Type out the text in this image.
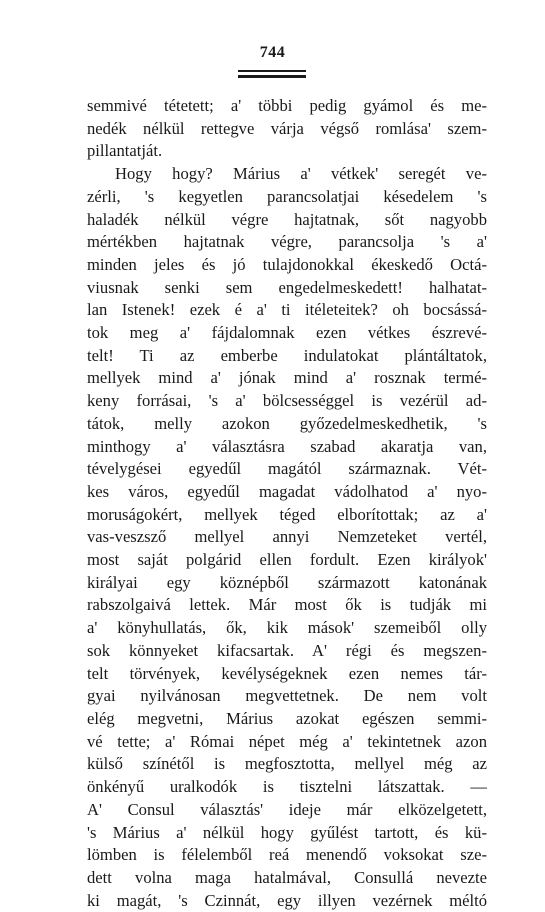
744
semmivé tétetett; a' többi pedig gyámol és me-
nedék nélkül rettegve várja végső romlása' szem-
pillantatját.
Hogy hogy? Márius a' vétkek' seregét ve-
zérli, 's kegyetlen parancsolatjai késedelem 's
haladék nélkül végre hajtatnak, sőt nagyobb
mértékben hajtatnak végre, parancsolja 's a'
minden jeles és jó tulajdonokkal ékeskedő Octá-
viusnak senki sem engedelmeskedett! halhatat-
lan Istenek! ezek é a' ti itéleteitek? oh bocsássá-
tok meg a' fájdalomnak ezen vétkes észrevé-
telt! Ti az emberbe indulatokat plántáltatok,
mellyek mind a' jónak mind a' rosznak termé-
keny forrásai, 's a' bölcsességgel is vezérül ad-
tátok, melly azokon győzedelmeskedhetik, 's
minthogy a' választásra szabad akaratja van,
tévelygései egyedűl magától származnak. Vét-
kes város, egyedűl magadat vádolhatod a' nyo-
moruságokért, mellyek téged elborítottak; az a'
vas-veszsző mellyel annyi Nemzeteket vertél,
most saját polgárid ellen fordult. Ezen királyok'
királyai egy köznépből származott katonának
rabszolgaivá lettek. Már most ők is tudják mi
a' könyhullatás, ők, kik mások' szemeiből olly
sok könnyeket kifacsartak. A' régi és megszen-
telt törvények, kevélységeknek ezen nemes tár-
gyai nyilvánosan megvettetnek. De nem volt
elég megvetni, Márius azokat egészen semmi-
vé tette; a' Római népet még a' tekintetnek azon
külső színétől is megfosztotta, mellyel még az
önkényű uralkodók is tisztelni látszattak. —
A' Consul választás' ideje már elközelgetett,
's Márius a' nélkül hogy gyűlést tartott, és kü-
lömben is félelemből reá menendő voksokat sze-
dett volna maga hatalmával, Consullá nevezte
ki magát, 's Czinnát, egy illyen vezérnek méltó
